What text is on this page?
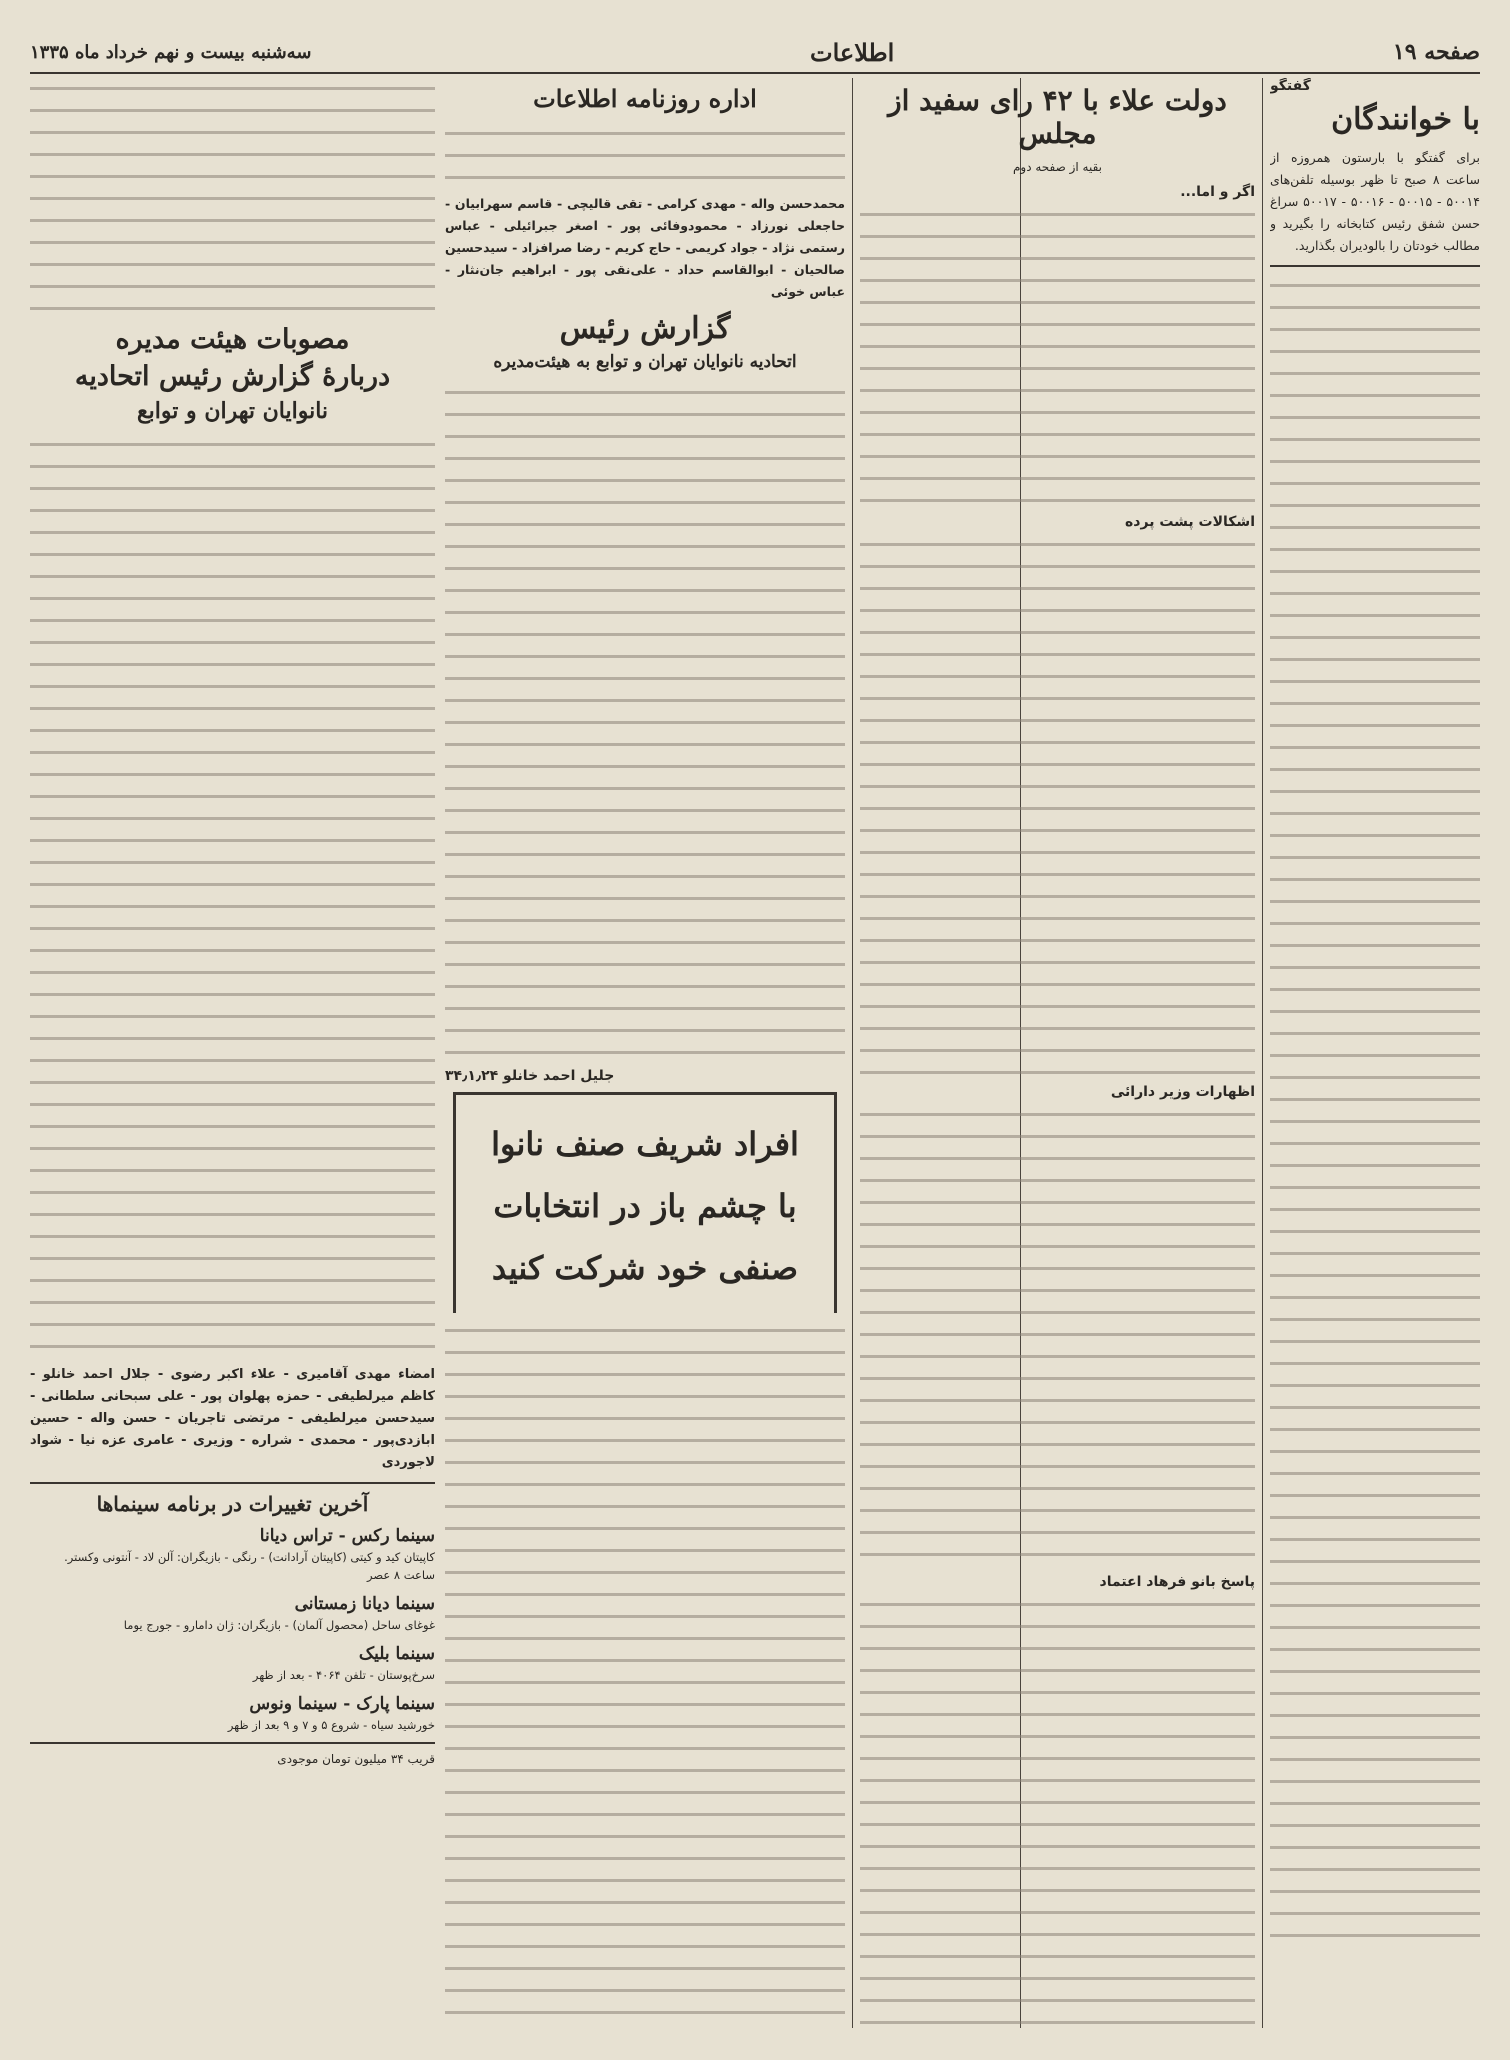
صفحه ۱۹
اطلاعات
سه‌شنبه بیست و نهم خرداد ماه ۱۳۳۵
با خوانندگان
گفتگو

برای گفتگو با بارستون همروزه از ساعت ۸ صبح تا ظهر بوسیله تلفن‌های ۵۰۰۱۴ - ۵۰۰۱۵ - ۵۰۰۱۶ - ۵۰۰۱۷ سراغ حسن شفق رئیس کتابخانه را بگیرید و مطالب خودتان را بالودیران بگذارید.

دولت علاء با ۴۲ رای سفید از مجلس
بقیه از صفحه دوم
اگر و اما...
اشکالات پشت پرده
اظهارات وزیر دارائی
پاسخ بانو فرهاد اعتماد
اداره روزنامه اطلاعات

محمدحسن واله - مهدی کرامی - تقی قالیچی - قاسم سهرابیان - حاجعلی نورزاد - محمودوفائی پور - اصغر جبرائیلی - عباس رستمی نژاد - جواد کریمی - حاج کریم - رضا صرافزاد - سیدحسین صالحیان - ابوالقاسم حداد - علی‌نقی پور - ابراهیم جان‌نثار - عباس خوئی

گزارش رئیس
اتحادیه نانوایان تهران و توابع به هیئت‌مدیره
جلیل احمد خانلو ۳۴٫۱٫۲۴
افراد شریف صنف نانوا
با چشم باز در انتخابات
صنفی خود شرکت کنید
مصوبات هیئت مدیره
دربارهٔ گزارش رئیس اتحادیه
نانوایان تهران و توابع

امضاء مهدی آقامیری - علاء اکبر رضوی - جلال احمد خانلو - کاظم میرلطیفی - حمزه پهلوان پور - علی سبحانی سلطانی - سیدحسن میرلطیفی - مرتضی تاجریان - حسن واله - حسین ابازدی‌پور - محمدی - شراره - وزیری - عامری عزه نیا - شواد لاجوردی

آخرین تغییرات در برنامه سینماها
سینما رکس - تراس دیانا
کاپیتان کید و کیتی (کاپیتان آرادانت) - رنگی - بازیگران: آلن لاد - آنتونی وکستر. ساعت ۸ عصر
سینما دیانا زمستانی
غوغای ساحل (محصول آلمان) - بازیگران: ژان دامارو - جورج یوما
سینما بلیک
سرخ‌پوستان - تلفن ۴۰۶۴ - بعد از ظهر
سینما پارک - سینما ونوس
خورشید سیاه - شروع ۵ و ۷ و ۹ بعد از ظهر
قریب ۳۴ میلیون تومان موجودی
